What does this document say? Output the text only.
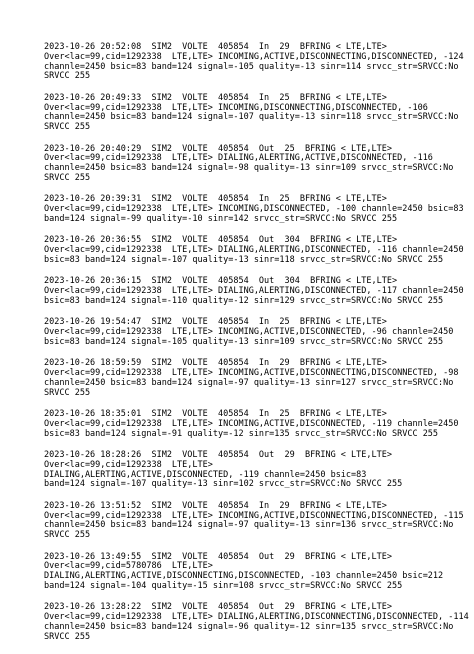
2023-10-26 20:52:08  SIM2  VOLTE  405854  In  29  BFRING < LTE,LTE>
Over<lac=99,cid=1292338  LTE,LTE> INCOMING,ACTIVE,DISCONNECTING,DISCONNECTED, -124
channle=2450 bsic=83 band=124 signal=-105 quality=-13 sinr=114 srvcc_str=SRVCC:No
SRVCC 255
2023-10-26 20:49:33  SIM2  VOLTE  405854  In  25  BFRING < LTE,LTE>
Over<lac=99,cid=1292338  LTE,LTE> INCOMING,DISCONNECTING,DISCONNECTED, -106
channle=2450 bsic=83 band=124 signal=-107 quality=-13 sinr=118 srvcc_str=SRVCC:No
SRVCC 255
2023-10-26 20:40:29  SIM2  VOLTE  405854  Out  25  BFRING < LTE,LTE>
Over<lac=99,cid=1292338  LTE,LTE> DIALING,ALERTING,ACTIVE,DISCONNECTED, -116
channle=2450 bsic=83 band=124 signal=-98 quality=-13 sinr=109 srvcc_str=SRVCC:No
SRVCC 255
2023-10-26 20:39:31  SIM2  VOLTE  405854  In  25  BFRING < LTE,LTE>
Over<lac=99,cid=1292338  LTE,LTE> INCOMING,DISCONNECTED, -100 channle=2450 bsic=83
band=124 signal=-99 quality=-10 sinr=142 srvcc_str=SRVCC:No SRVCC 255
2023-10-26 20:36:55  SIM2  VOLTE  405854  Out  304  BFRING < LTE,LTE>
Over<lac=99,cid=1292338  LTE,LTE> DIALING,ALERTING,DISCONNECTED, -116 channle=2450
bsic=83 band=124 signal=-107 quality=-13 sinr=118 srvcc_str=SRVCC:No SRVCC 255
2023-10-26 20:36:15  SIM2  VOLTE  405854  Out  304  BFRING < LTE,LTE>
Over<lac=99,cid=1292338  LTE,LTE> DIALING,ALERTING,DISCONNECTED, -117 channle=2450
bsic=83 band=124 signal=-110 quality=-12 sinr=129 srvcc_str=SRVCC:No SRVCC 255
2023-10-26 19:54:47  SIM2  VOLTE  405854  In  25  BFRING < LTE,LTE>
Over<lac=99,cid=1292338  LTE,LTE> INCOMING,ACTIVE,DISCONNECTED, -96 channle=2450
bsic=83 band=124 signal=-105 quality=-13 sinr=109 srvcc_str=SRVCC:No SRVCC 255
2023-10-26 18:59:59  SIM2  VOLTE  405854  In  29  BFRING < LTE,LTE>
Over<lac=99,cid=1292338  LTE,LTE> INCOMING,ACTIVE,DISCONNECTING,DISCONNECTED, -98
channle=2450 bsic=83 band=124 signal=-97 quality=-13 sinr=127 srvcc_str=SRVCC:No
SRVCC 255
2023-10-26 18:35:01  SIM2  VOLTE  405854  In  25  BFRING < LTE,LTE>
Over<lac=99,cid=1292338  LTE,LTE> INCOMING,ACTIVE,DISCONNECTED, -119 channle=2450
bsic=83 band=124 signal=-91 quality=-12 sinr=135 srvcc_str=SRVCC:No SRVCC 255
2023-10-26 18:28:26  SIM2  VOLTE  405854  Out  29  BFRING < LTE,LTE>
Over<lac=99,cid=1292338  LTE,LTE>
DIALING,ALERTING,ACTIVE,DISCONNECTED, -119 channle=2450 bsic=83
band=124 signal=-107 quality=-13 sinr=102 srvcc_str=SRVCC:No SRVCC 255
2023-10-26 13:51:52  SIM2  VOLTE  405854  In  29  BFRING < LTE,LTE>
Over<lac=99,cid=1292338  LTE,LTE> INCOMING,ACTIVE,DISCONNECTING,DISCONNECTED, -115
channle=2450 bsic=83 band=124 signal=-97 quality=-13 sinr=136 srvcc_str=SRVCC:No
SRVCC 255
2023-10-26 13:49:55  SIM2  VOLTE  405854  Out  29  BFRING < LTE,LTE>
Over<lac=99,cid=5780786  LTE,LTE>
DIALING,ALERTING,ACTIVE,DISCONNECTING,DISCONNECTED, -103 channle=2450 bsic=212
band=124 signal=-104 quality=-15 sinr=108 srvcc_str=SRVCC:No SRVCC 255
2023-10-26 13:28:22  SIM2  VOLTE  405854  Out  29  BFRING < LTE,LTE>
Over<lac=99,cid=1292338  LTE,LTE> DIALING,ALERTING,DISCONNECTING,DISCONNECTED, -114
channle=2450 bsic=83 band=124 signal=-96 quality=-12 sinr=135 srvcc_str=SRVCC:No
SRVCC 255
